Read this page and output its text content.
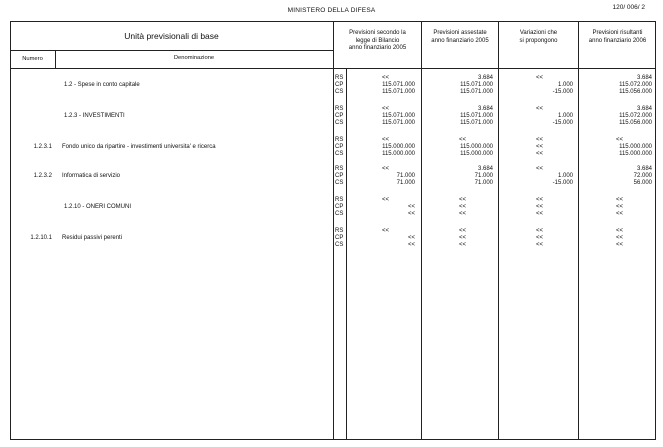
MINISTERO DELLA DIFESA	120/ 006/ 2
Unità previsionali di base
Numero	Denominazione
Previsioni secondo la
legge di Bilancio
anno finanziario 2005
Previsioni assestate
anno finanziario 2005
Variazioni che
si propongono
Previsioni risultanti
anno finanziario 2006
1.2 - Spese in conto capitale
RS	<<	3.684	<<	3.684
CP	115.071.000	115.071.000	1.000	115.072.000
CS	115.071.000	115.071.000	-15.000	115.056.000
1.2.3 - INVESTIMENTI
RS	<<	3.684	<<	3.684
CP	115.071.000	115.071.000	1.000	115.072.000
CS	115.071.000	115.071.000	-15.000	115.056.000
1.2.3.1 Fondo unico da ripartire - investimenti universita' e ricerca
RS	<<	<<	<<	<<
CP	115.000.000	115.000.000	<<	115.000.000
CS	115.000.000	115.000.000	<<	115.000.000
1.2.3.2 Informatica di servizio
RS	<<	3.684	<<	3.684
CP	71.000	71.000	1.000	72.000
CS	71.000	71.000	-15.000	56.000
1.2.10 - ONERI COMUNI
RS	<<	<<	<<	<<
CP	<<	<<	<<	<<
CS	<<	<<	<<	<<
1.2.10.1 Residui passivi perenti
RS	<<	<<	<<	<<
CP	<<	<<	<<	<<
CS	<<	<<	<<	<<
